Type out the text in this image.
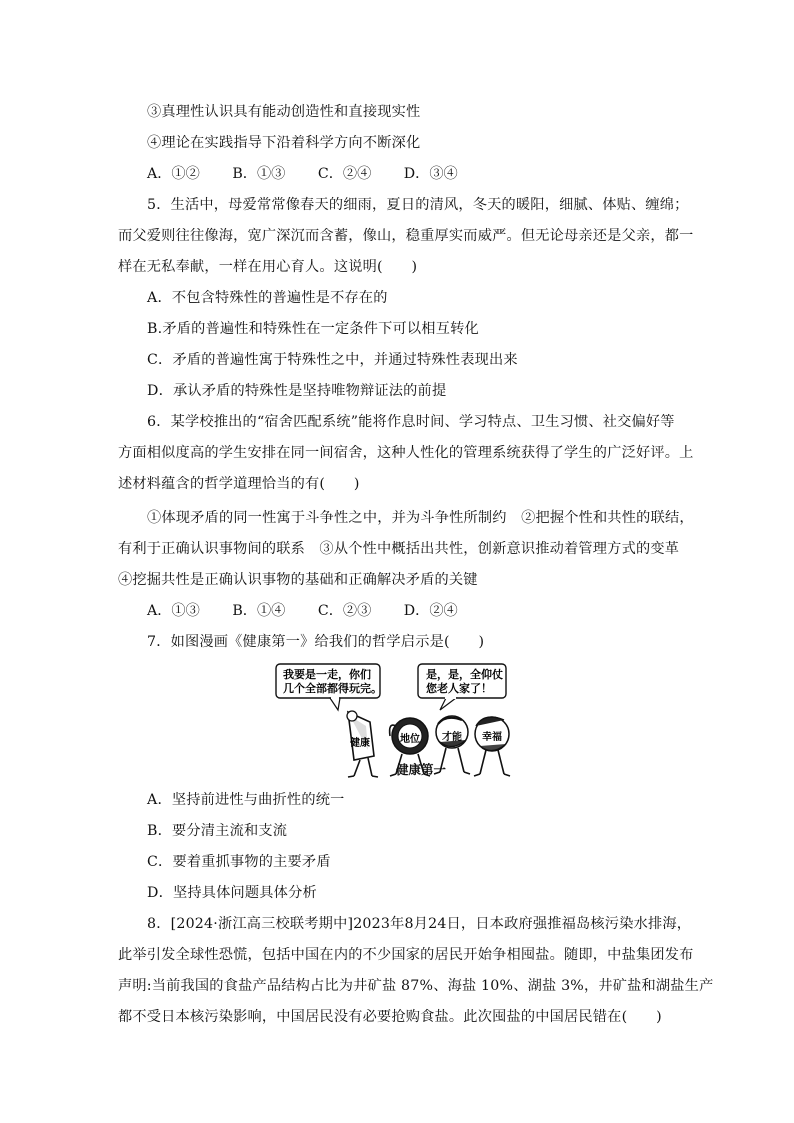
③真理性认识具有能动创造性和直接现实性
④理论在实践指导下沿着科学方向不断深化
A．①② B．①③ C．②④ D．③④
5．生活中，母爱常常像春天的细雨，夏日的清风，冬天的暖阳，细腻、体贴、缠绵；
而父爱则往往像海，宽广深沉而含蓄，像山，稳重厚实而威严。但无论母亲还是父亲，都一
样在无私奉献，一样在用心育人。这说明(　　)
A．不包含特殊性的普遍性是不存在的
B.矛盾的普遍性和特殊性在一定条件下可以相互转化
C．矛盾的普遍性寓于特殊性之中，并通过特殊性表现出来
D．承认矛盾的特殊性是坚持唯物辩证法的前提
6．某学校推出的“宿舍匹配系统”能将作息时间、学习特点、卫生习惯、社交偏好等
方面相似度高的学生安排在同一间宿舍，这种人性化的管理系统获得了学生的广泛好评。上
述材料蕴含的哲学道理恰当的有(　　)
①体现矛盾的同一性寓于斗争性之中，并为斗争性所制约　②把握个性和共性的联结，
有利于正确认识事物间的联系　③从个性中概括出共性，创新意识推动着管理方式的变革
④挖掘共性是正确认识事物的基础和正确解决矛盾的关键
A．①③ B．①④ C．②③ D．②④
7．如图漫画《健康第一》给我们的哲学启示是(　　)
我要是一走，你们
几个全部都得玩完。
是，是，全仰仗
您老人家了！
健康	地位 才能 幸福
健康第一
A．坚持前进性与曲折性的统一
B．要分清主流和支流
C．要着重抓事物的主要矛盾
D．坚持具体问题具体分析
8．[2024·浙江高三校联考期中]2023年8月24日，日本政府强推福岛核污染水排海，
此举引发全球性恐慌，包括中国在内的不少国家的居民开始争相囤盐。随即，中盐集团发布
声明:当前我国的食盐产品结构占比为井矿盐 87%、海盐 10%、湖盐 3%，井矿盐和湖盐生产
都不受日本核污染影响，中国居民没有必要抢购食盐。此次囤盐的中国居民错在(　　)
